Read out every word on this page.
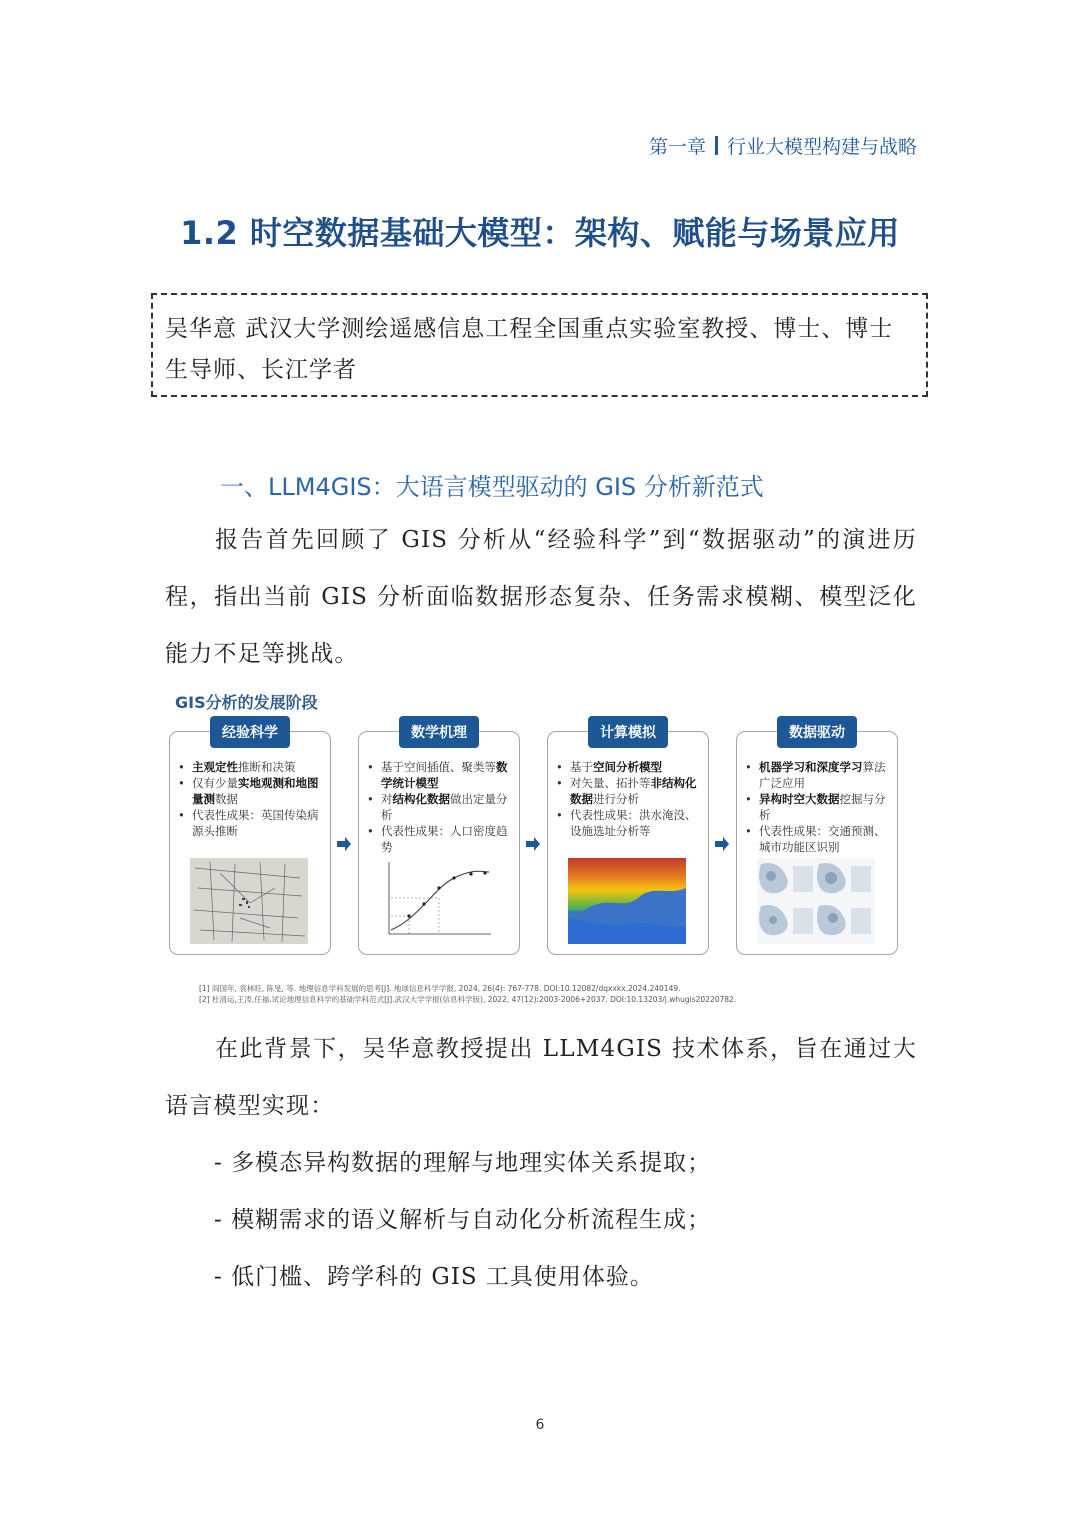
第一章 行业大模型构建与战略
1.2 时空数据基础大模型：架构、赋能与场景应用
吴华意 武汉大学测绘遥感信息工程全国重点实验室教授、博士、博士生导师、长江学者
一、LLM4GIS：大语言模型驱动的 GIS 分析新范式
报告首先回顾了 GIS 分析从“经验科学”到“数据驱动”的演进历程，指出当前 GIS 分析面临数据形态复杂、任务需求模糊、模型泛化能力不足等挑战。
GIS分析的发展阶段
经验科学
• 主观定性推断和决策
• 仅有少量实地观测和地图量测数据
• 代表性成果：英国传染病源头推断
数学机理
• 基于空间插值、聚类等数学统计模型
• 对结构化数据做出定量分析
• 代表性成果：人口密度趋势
计算模拟
• 基于空间分析模型
• 对矢量、拓扑等非结构化数据进行分析
• 代表性成果：洪水淹没、设施选址分析等
数据驱动
• 机器学习和深度学习算法广泛应用
• 异构时空大数据挖掘与分析
• 代表性成果：交通预测、城市功能区识别
[1] 阎国年, 袁林旺, 陈旻, 等. 地理信息学科发展的思考[J]. 地球信息科学学报, 2024, 26(4): 767-778. DOI:10.12082/dqxxkx.2024.240149.
[2] 杜清运,王涛,任福.试论地理信息科学的基础学科范式[J].武汉大学学报(信息科学版), 2022, 47(12):2003-2006+2037. DOI:10.13203/j.whugis20220782.
在此背景下，吴华意教授提出 LLM4GIS 技术体系，旨在通过大语言模型实现：
- 多模态异构数据的理解与地理实体关系提取；
- 模糊需求的语义解析与自动化分析流程生成；
- 低门槛、跨学科的 GIS 工具使用体验。
6
